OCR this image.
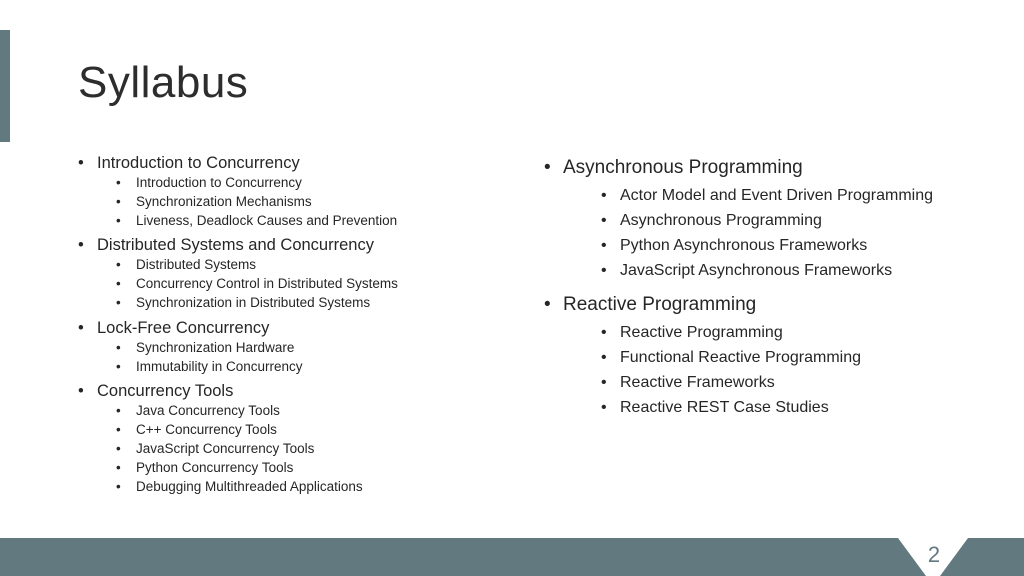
Syllabus
• Introduction to Concurrency
• Introduction to Concurrency
• Synchronization Mechanisms
• Liveness, Deadlock Causes and Prevention
• Distributed Systems and Concurrency
• Distributed Systems
• Concurrency Control in Distributed Systems
• Synchronization in Distributed Systems
• Lock-Free Concurrency
• Synchronization Hardware
• Immutability in Concurrency
• Concurrency Tools
• Java Concurrency Tools
• C++ Concurrency Tools
• JavaScript Concurrency Tools
• Python Concurrency Tools
• Debugging Multithreaded Applications
• Asynchronous Programming
• Actor Model and Event Driven Programming
• Asynchronous Programming
• Python Asynchronous Frameworks
• JavaScript Asynchronous Frameworks
• Reactive Programming
• Reactive Programming
• Functional Reactive Programming
• Reactive Frameworks
• Reactive REST Case Studies
2
